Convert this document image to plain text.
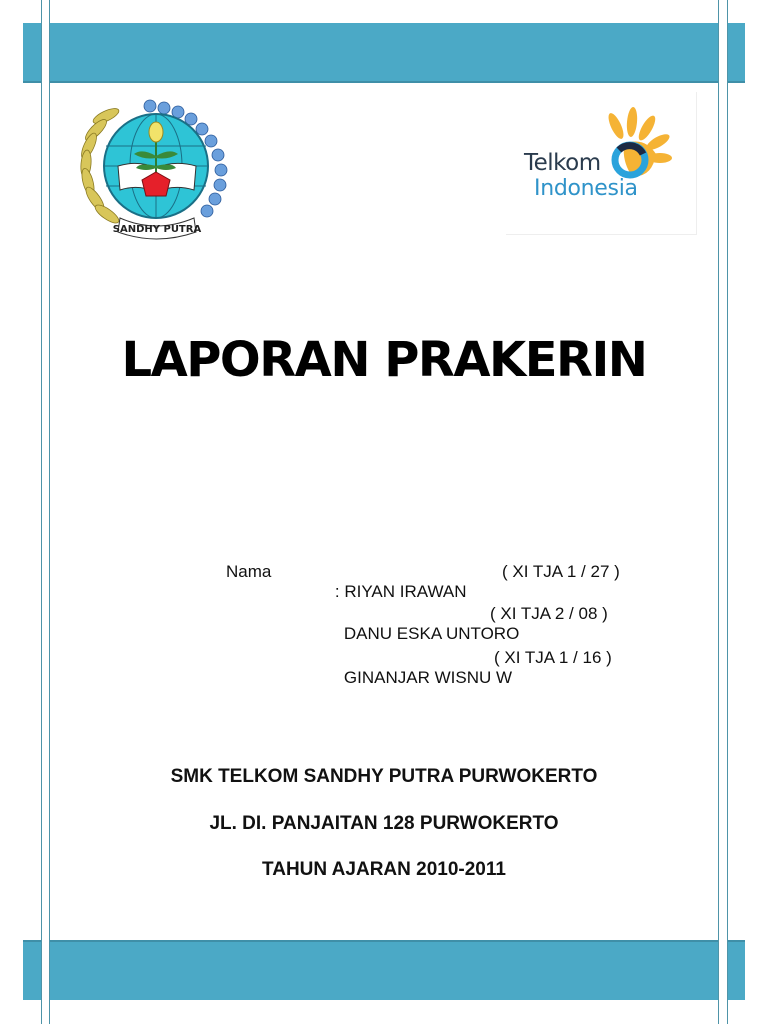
SANDHY PUTRA
Telkom
Indonesia
LAPORAN PRAKERIN
Nama

: RIYAN IRAWAN

( XI TJA 1 / 27 )

DANU ESKA UNTORO

( XI TJA 2 / 08 )

GINANJAR WISNU W

( XI TJA 1 / 16 )
SMK TELKOM SANDHY PUTRA PURWOKERTO
JL. DI. PANJAITAN 128 PURWOKERTO
TAHUN AJARAN 2010-2011
